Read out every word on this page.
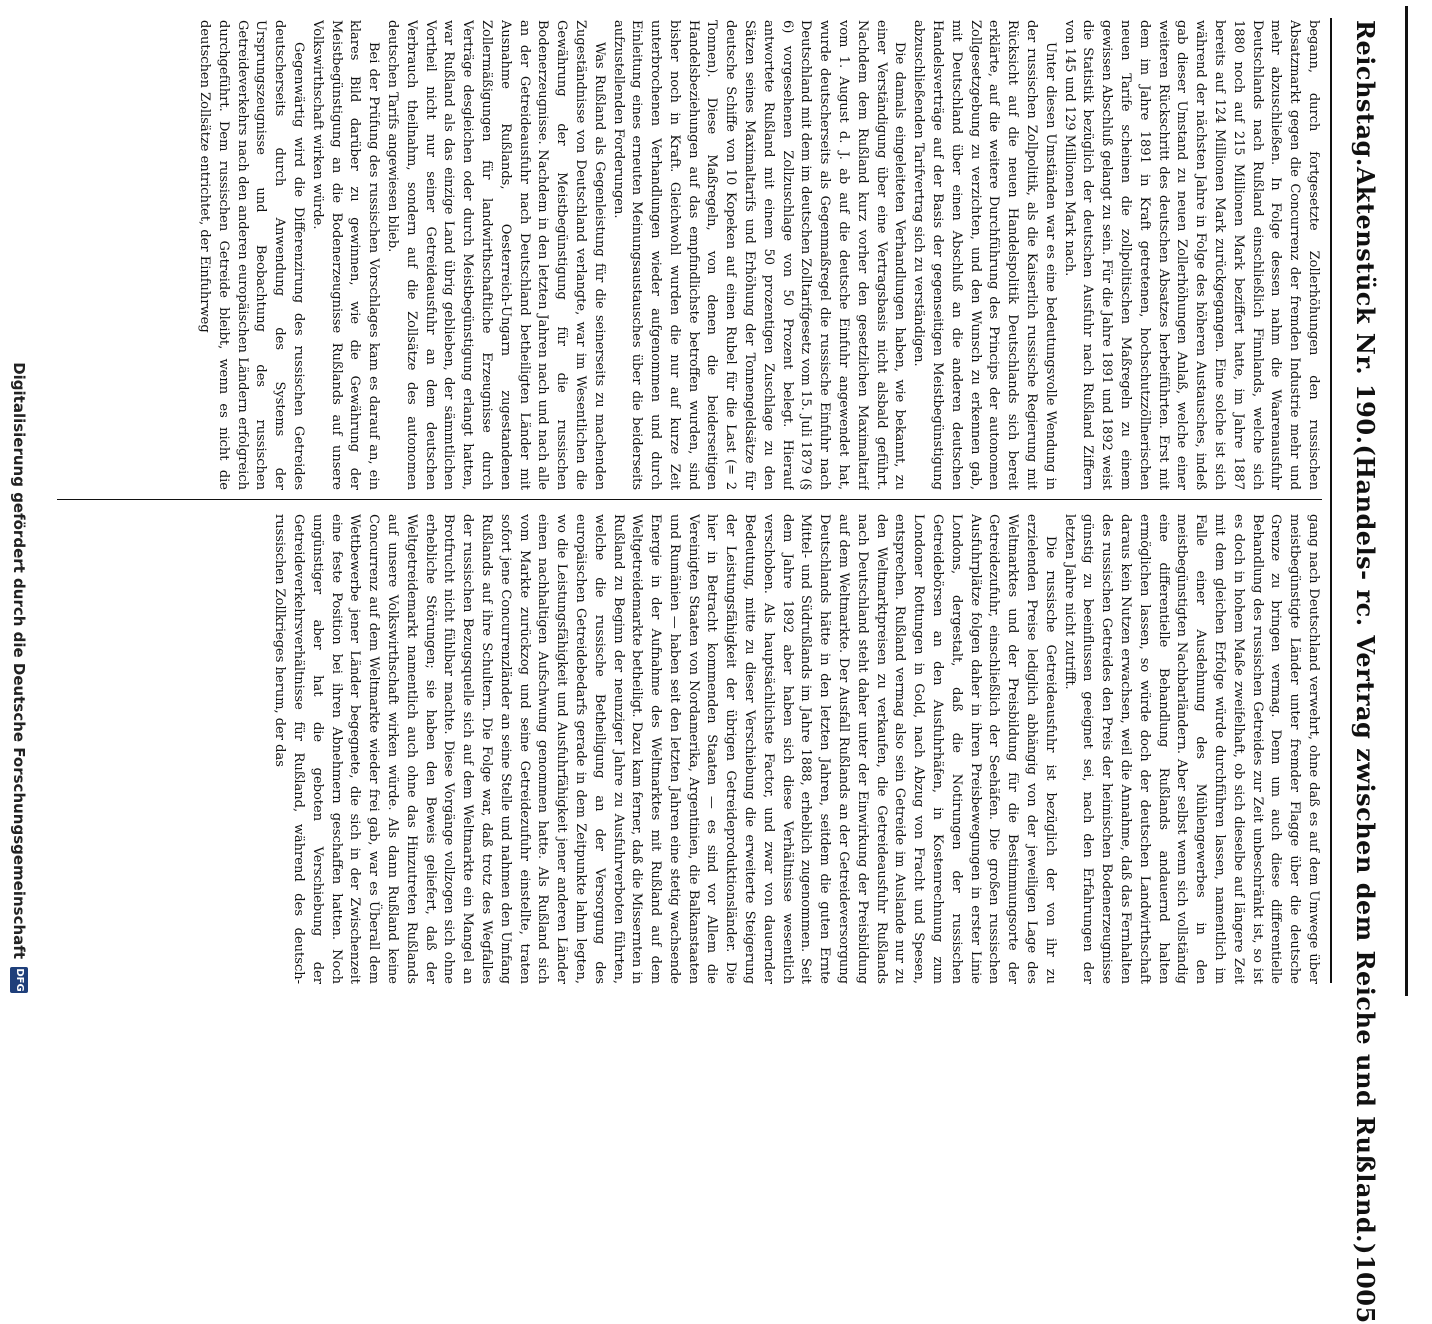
Reichstag.
Aktenstück Nr. 190.
(Handels- rc. Vertrag zwischen dem Reiche und Rußland.)
1005

begann, durch fortgesetzte Zollerhöhungen den russischen Absatzmarkt gegen die Concurrenz der fremden Industrie mehr und mehr abzuschließen. In Folge dessen nahm die Waarenausfuhr Deutschlands nach Rußland einschließlich Finnlands, welche sich 1880 noch auf 215 Millionen Mark beziffert hatte, im Jahre 1887 bereits auf 124 Millionen Mark zurückgegangen. Eine solche ist sich während der nächsten Jahre in Folge des höheren Austausches, indeß gab dieser Umstand zu neuen Zollerhöhungen Anlaß, welche einer weiteren Rückschritt des deutschen Absatzes herbeiführten. Erst mit dem im Jahre 1891 in Kraft getretenen, hochschutzzöllnerischen neuen Tarife scheinen die zollpolitischen Maßregeln zu einem gewissen Abschluß gelangt zu sein. Für die Jahre 1891 und 1892 weist die Statistik bezüglich der deutschen Ausfuhr nach Rußland Ziffern von 145 und 129 Millionen Mark nach.

Unter diesen Umständen war es eine bedeutungsvolle Wendung in der russischen Zollpolitik, als die Kaiserlich russische Regierung mit Rücksicht auf die neuen Handelspolitik Deutschlands sich bereit erklärte, auf die weitere Durchführung des Princips der autonomen Zollgesetzgebung zu verzichten, und den Wunsch zu erkennen gab, mit Deutschland über einen Abschluß an die anderen deutschen Handelsverträge auf der Basis der gegenseitigen Meistbegünstigung abzuschließenden Tarifvertrag sich zu verständigen.

Die damals eingeleiteten Verhandlungen haben, wie bekannt, zu einer Verständigung über eine Vertragsbasis nicht alsbald geführt. Nachdem dem Rußland kurz vorher den gesetzlichen Maximaltarif vom 1. August d. J. ab auf die deutsche Einfuhr angewendet hat, wurde deutscherseits als Gegenmaßregel die russische Einfuhr nach Deutschland mit dem im deutschen Zolltarifgesetz vom 15. Juli 1879 (§ 6) vorgesehenen Zollzuschlage von 50 Prozent belegt. Hierauf antwortete Rußland mit einem 50 prozentigen Zuschlage zu den Sätzen seines Maximaltarifs und Erhöhung der Tonnengeldsätze für deutsche Schiffe von 10 Kopeken auf einen Rubel für die Last (= 2 Tonnen). Diese Maßregeln, von denen die beiderseitigen Handelsbeziehungen auf das empfindlichste betroffen wurden, sind bisher noch in Kraft. Gleichwohl wurden die nur auf kurze Zeit unterbrochenen Verhandlungen wieder aufgenommen und durch Einleitung eines erneuten Meinungsaustausches über die beiderseits aufzustellenden Forderungen.

Was Rußland als Gegenleistung für die seinerseits zu machenden Zugeständnisse von Deutschland verlangte, war im Wesentlichen die Gewährung der Meistbegünstigung für die russischen Bodenerzeugnisse. Nachdem in den letzten Jahren nach und nach alle an der Getreideausfuhr nach Deutschland betheiligten Länder mit Ausnahme Rußlands, Oesterreich-Ungarn zugestandenen Zollermäßigungen für landwirthschaftliche Erzeugnisse durch Verträge desgleichen oder durch Meistbegünstigung erlangt hatten, war Rußland als das einzige Land übrig geblieben, der sämmtlichen Vortheil nicht nur seiner Getreideausfuhr an dem deutschen Verbrauch theilnahm, sondern auf die Zollsätze des autonomen deutschen Tarifs angewiesen blieb.

Bei der Prüfung des russischen Vorschlages kam es darauf an, ein klares Bild darüber zu gewinnen, wie die Gewährung der Meistbegünstigung an die Bodenerzeugnisse Rußlands auf unsere Volkswirthschaft wirken würde.

Gegenwärtig wird die Differenzirung des russischen Getreides deutscherseits durch Anwendung des Systems der Ursprungszeugnisse und Beobachtung des russischen Getreideverkehrs nach den anderen europäischen Ländern erfolgreich durchgeführt. Dem russischen Getreide bleibt, wenn es nicht die deutschen Zollsätze entrichtet, der Einfuhrweg

gang nach Deutschland verwehrt, ohne daß es auf dem Umwege über meistbegünstigte Länder unter fremder Flagge über die deutsche Grenze zu bringen vermag. Denn um auch diese differentielle Behandlung des russischen Getreides zur Zeit unbeschränkt ist, so ist es doch in hohem Maße zweifelhaft, ob sich dieselbe auf längere Zeit mit dem gleichen Erfolge würde durchführen lassen, namentlich im Falle einer Ausdehnung des Mühlengewerbes in den meistbegünstigten Nachbarländern. Aber selbst wenn sich vollständig eine differentielle Behandlung Rußlands andauernd halten ermöglichen lassen, so würde doch der deutschen Landwirthschaft daraus kein Nutzen erwachsen, weil die Annahme, daß das Fernhalten des russischen Getreides den Preis der heimischen Bodenerzeugnisse günstig zu beeinflussen geeignet sei, nach den Erfahrungen der letzten Jahre nicht zutrifft.

Die russische Getreideausfuhr ist bezüglich der von ihr zu erzielenden Preise lediglich abhängig von der jeweiligen Lage des Weltmarktes und der Preisbildung für die Bestimmungsorte der Getreidezufuhr, einschließlich der Seehäfen. Die großen russischen Ausfuhrplätze folgen daher in ihren Preisbewegungen in erster Linie Londons, dergestalt, daß die Notirungen der russischen Getreidebörsen an den Ausfuhrhäfen, in Kostenrechnung zum Londoner Rottungen in Gold, nach Abzug von Fracht und Spesen, entsprechen. Rußland vermag also sein Getreide im Auslande nur zu den Weltmarktpreisen zu verkaufen, die Getreideausfuhr Rußlands nach Deutschland steht daher unter der Einwirkung der Preisbildung auf dem Weltmarkte. Der Ausfall Rußlands an der Getreideversorgung Deutschlands hätte in den letzten Jahren, seitdem die guten Ernte Mittel- und Südrußlands im Jahre 1888, erheblich zugenommen. Seit dem Jahre 1892 aber haben sich diese Verhältnisse wesentlich verschoben. Als hauptsächlichste Factor, und zwar von dauernder Bedeutung, mitte zu dieser Verschiebung die erweiterte Steigerung der Leistungsfähigkeit der übrigen Getreideproduktionsländer. Die hier in Betracht kommenden Staaten — es sind vor Allem die Vereinigten Staaten von Nordamerika, Argentinien, die Balkanstaaten und Rumänien — haben seit den letzten Jahren eine stetig wachsende Energie in der Aufnahme des Weltmarktes mit Rußland auf dem Weltgetreidemarkte betheiligt. Dazu kam ferner, daß die Missernten in Rußland zu Beginn der neunziger Jahre zu Ausfuhrverboten führten, welche die russische Betheiligung an der Versorgung des europäischen Getreidebedarfs gerade in dem Zeitpunkte lahm legten, wo die Leistungsfähigkeit und Ausfuhrfähigkeit jener anderen Länder einen nachhaltigen Aufschwung genommen hatte. Als Rußland sich vom Markte zurückzog und seine Getreidezufuhr einstellte, traten sofort jene Concurrenzländer an seine Stelle und nahmen den Umfang Rußlands auf ihre Schultern. Die Folge war, daß trotz des Wegfalles der russischen Bezugsquelle sich auf dem Weltmarkte ein Mangel an Brotfrucht nicht fühlbar machte. Diese Vorgänge vollzogen sich ohne erhebliche Störungen; sie haben den Beweis geliefert, daß der Weltgetreidemarkt namentlich auch ohne das Hinzutreten Rußlands auf unsere Volkswirthschaft wirken würde. Als dann Rußland keine Concurrenz auf dem Weltmarkte wieder frei gab, war es Überall dem Wettbewerbe jener Länder begegnete, die sich in der Zwischenzeit eine feste Position bei ihren Abnehmern geschaffen hatten. Noch ungünstiger aber hat die geboten Verschiebung der Getreideverkehrsverhältnisse für Rußland, während des deutsch-russischen Zollkrieges herum, der das

Digitalisierung gefördert durch die Deutsche Forschungsgemeinschaft
DFG
